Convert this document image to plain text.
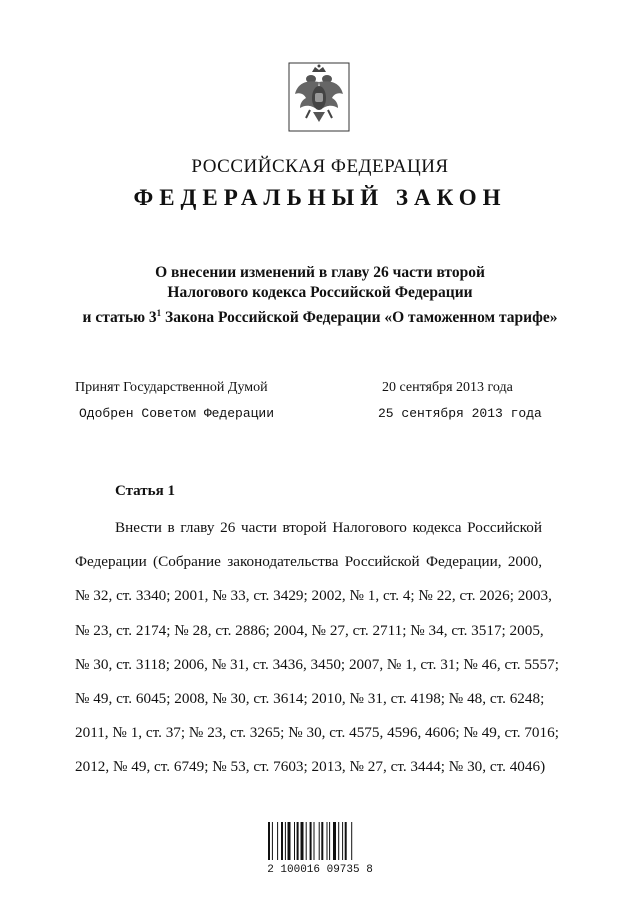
РОССИЙСКАЯ ФЕДЕРАЦИЯ
ФЕДЕРАЛЬНЫЙ ЗАКОН
О внесении изменений в главу 26 части второй
Налогового кодекса Российской Федерации
и статью $3^1$ Закона Российской Федерации «О таможенном тарифе»
Принят Государственной Думой	20 сентября 2013 года
Одобрен Советом Федерации	25 сентября 2013 года
Статья 1
Внести в главу 26 части второй Налогового кодекса Российской
Федерации (Собрание законодательства Российской Федерации, 2000,
№ 32, ст. 3340; 2001, № 33, ст. 3429; 2002, № 1, ст. 4; № 22, ст. 2026; 2003,
№ 23, ст. 2174; № 28, ст. 2886; 2004, № 27, ст. 2711; № 34, ст. 3517; 2005,
№ 30, ст. 3118; 2006, № 31, ст. 3436, 3450; 2007, № 1, ст. 31; № 46, ст. 5557;
№ 49, ст. 6045; 2008, № 30, ст. 3614; 2010, № 31, ст. 4198; № 48, ст. 6248;
2011, № 1, ст. 37; № 23, ст. 3265; № 30, ст. 4575, 4596, 4606; № 49, ст. 7016;
2012, № 49, ст. 6749; № 53, ст. 7603; 2013, № 27, ст. 3444; № 30, ст. 4046)
2 100016 09735 8
